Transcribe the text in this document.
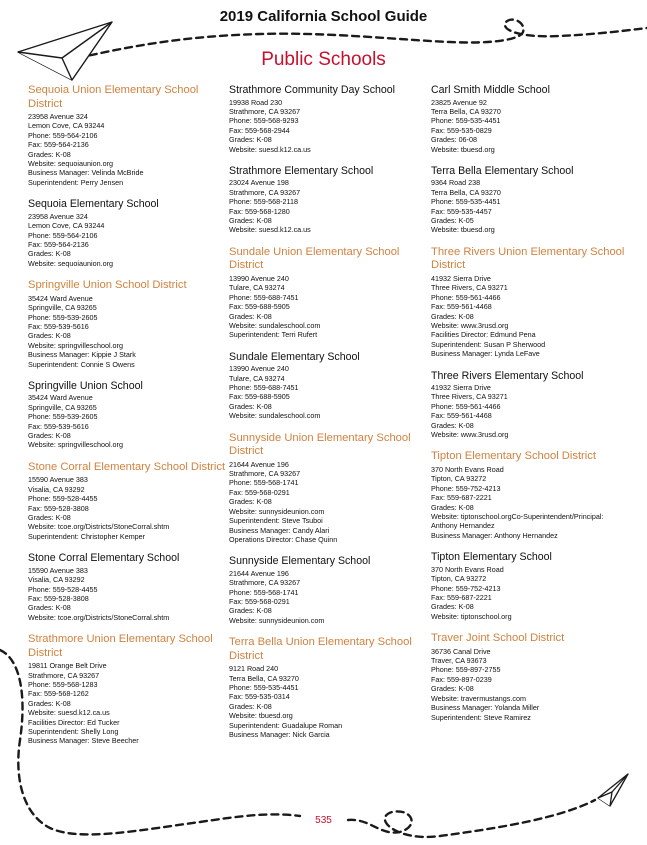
2019 California School Guide
Public Schools
Sequoia Union Elementary School District
23958 Avenue 324
Lemon Cove, CA 93244
Phone: 559-564-2106
Fax: 559-564-2136
Grades: K-08
Website: sequoiaunion.org
Business Manager: Velinda McBride
Superintendent: Perry Jensen
Sequoia Elementary School
23958 Avenue 324
Lemon Cove, CA 93244
Phone: 559-564-2106
Fax: 559-564-2136
Grades: K-08
Website: sequoiaunion.org
Springville Union School District
35424 Ward Avenue
Springville, CA 93265
Phone: 559-539-2605
Fax: 559-539-5616
Grades: K-08
Website: springvilleschool.org
Business Manager: Kippie J Stark
Superintendent: Connie S Owens
Springville Union School
35424 Ward Avenue
Springville, CA 93265
Phone: 559-539-2605
Fax: 559-539-5616
Grades: K-08
Website: springvilleschool.org
Stone Corral Elementary School District
15590 Avenue 383
Visalia, CA 93292
Phone: 559-528-4455
Fax: 559-528-3808
Grades: K-08
Website: tcoe.org/Districts/StoneCorral.shtm
Superintendent: Christopher Kemper
Stone Corral Elementary School
15590 Avenue 383
Visalia, CA 93292
Phone: 559-528-4455
Fax: 559-528-3808
Grades: K-08
Website: tcoe.org/Districts/StoneCorral.shtm
Strathmore Union Elementary School District
19811 Orange Belt Drive
Strathmore, CA 93267
Phone: 559-568-1283
Fax: 559-568-1262
Grades: K-08
Website: suesd.k12.ca.us
Facilities Director: Ed Tucker
Superintendent: Shelly Long
Business Manager: Steve Beecher
Strathmore Community Day School
19938 Road 230
Strathmore, CA 93267
Phone: 559-568-9293
Fax: 559-568-2944
Grades: K-08
Website: suesd.k12.ca.us
Strathmore Elementary School
23024 Avenue 198
Strathmore, CA 93267
Phone: 559-568-2118
Fax: 559-568-1280
Grades: K-08
Website: suesd.k12.ca.us
Sundale Union Elementary School District
13990 Avenue 240
Tulare, CA 93274
Phone: 559-688-7451
Fax: 559-688-5905
Grades: K-08
Website: sundaleschool.com
Superintendent: Terri Rufert
Sundale Elementary School
13990 Avenue 240
Tulare, CA 93274
Phone: 559-688-7451
Fax: 559-688-5905
Grades: K-08
Website: sundaleschool.com
Sunnyside Union Elementary School District
21644 Avenue 196
Strathmore, CA 93267
Phone: 559-568-1741
Fax: 559-568-0291
Grades: K-08
Website: sunnysideunion.com
Superintendent: Steve Tsuboi
Business Manager: Candy Alari
Operations Director: Chase Quinn
Sunnyside Elementary School
21644 Avenue 196
Strathmore, CA 93267
Phone: 559-568-1741
Fax: 559-568-0291
Grades: K-08
Website: sunnysideunion.com
Terra Bella Union Elementary School District
9121 Road 240
Terra Bella, CA 93270
Phone: 559-535-4451
Fax: 559-535-0314
Grades: K-08
Website: tbuesd.org
Superintendent: Guadalupe Roman
Business Manager: Nick Garcia
Carl Smith Middle School
23825 Avenue 92
Terra Bella, CA 93270
Phone: 559-535-4451
Fax: 559-535-0829
Grades: 06-08
Website: tbuesd.org
Terra Bella Elementary School
9364 Road 238
Terra Bella, CA 93270
Phone: 559-535-4451
Fax: 559-535-4457
Grades: K-05
Website: tbuesd.org
Three Rivers Union Elementary School District
41932 Sierra Drive
Three Rivers, CA 93271
Phone: 559-561-4466
Fax: 559-561-4468
Grades: K-08
Website: www.3rusd.org
Facilities Director: Edmund Pena
Superintendent: Susan P Sherwood
Business Manager: Lynda LeFave
Three Rivers Elementary School
41932 Sierra Drive
Three Rivers, CA 93271
Phone: 559-561-4466
Fax: 559-561-4468
Grades: K-08
Website: www.3rusd.org
Tipton Elementary School District
370 North Evans Road
Tipton, CA 93272
Phone: 559-752-4213
Fax: 559-687-2221
Grades: K-08
Website: tiptonschool.orgCo-Superintendent/Principal: Anthony Hernandez
Business Manager: Anthony Hernandez
Tipton Elementary School
370 North Evans Road
Tipton, CA 93272
Phone: 559-752-4213
Fax: 559-687-2221
Grades: K-08
Website: tiptonschool.org
Traver Joint School District
36736 Canal Drive
Traver, CA 93673
Phone: 559-897-2755
Fax: 559-897-0239
Grades: K-08
Website: travermustangs.com
Business Manager: Yolanda Miller
Superintendent: Steve Ramirez
535
